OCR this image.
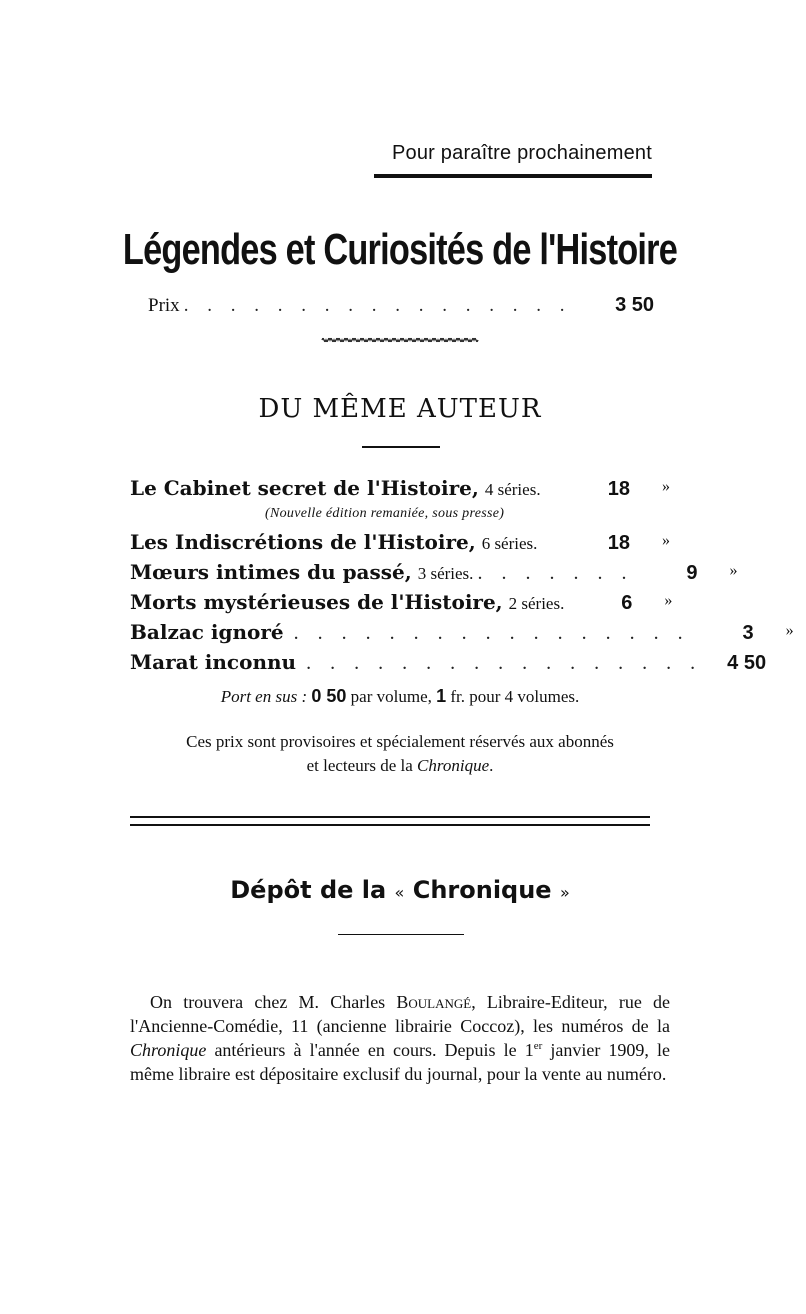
Pour paraître prochainement
Légendes et Curiosités de l'Histoire
Prix . . . . . . . . . . . . . . . . .	3 50
DU MÊME AUTEUR
Le Cabinet secret de l'Histoire, 4 séries.	18	»
(Nouvelle édition remaniée, sous presse)
Les Indiscrétions de l'Histoire, 6 séries.	18	»
Mœurs intimes du passé, 3 séries. . . . . . . .	9	»
Morts mystérieuses de l'Histoire, 2 séries.	6	»
Balzac ignoré . . . . . . . . . . . . . . . . .	3	»
Marat inconnu . . . . . . . . . . . . . . . . .	4 50
Port en sus : 0 50 par volume, 1 fr. pour 4 volumes.
Ces prix sont provisoires et spécialement réservés aux abonnés
et lecteurs de la Chronique.
Dépôt de la « Chronique »
On trouvera chez M. Charles Boulangé, Libraire-Editeur, rue de l'Ancienne-Comédie, 11 (ancienne librairie Coccoz), les numéros de la Chronique antérieurs à l'année en cours. Depuis le 1er janvier 1909, le même libraire est dépositaire exclusif du journal, pour la vente au numéro.
